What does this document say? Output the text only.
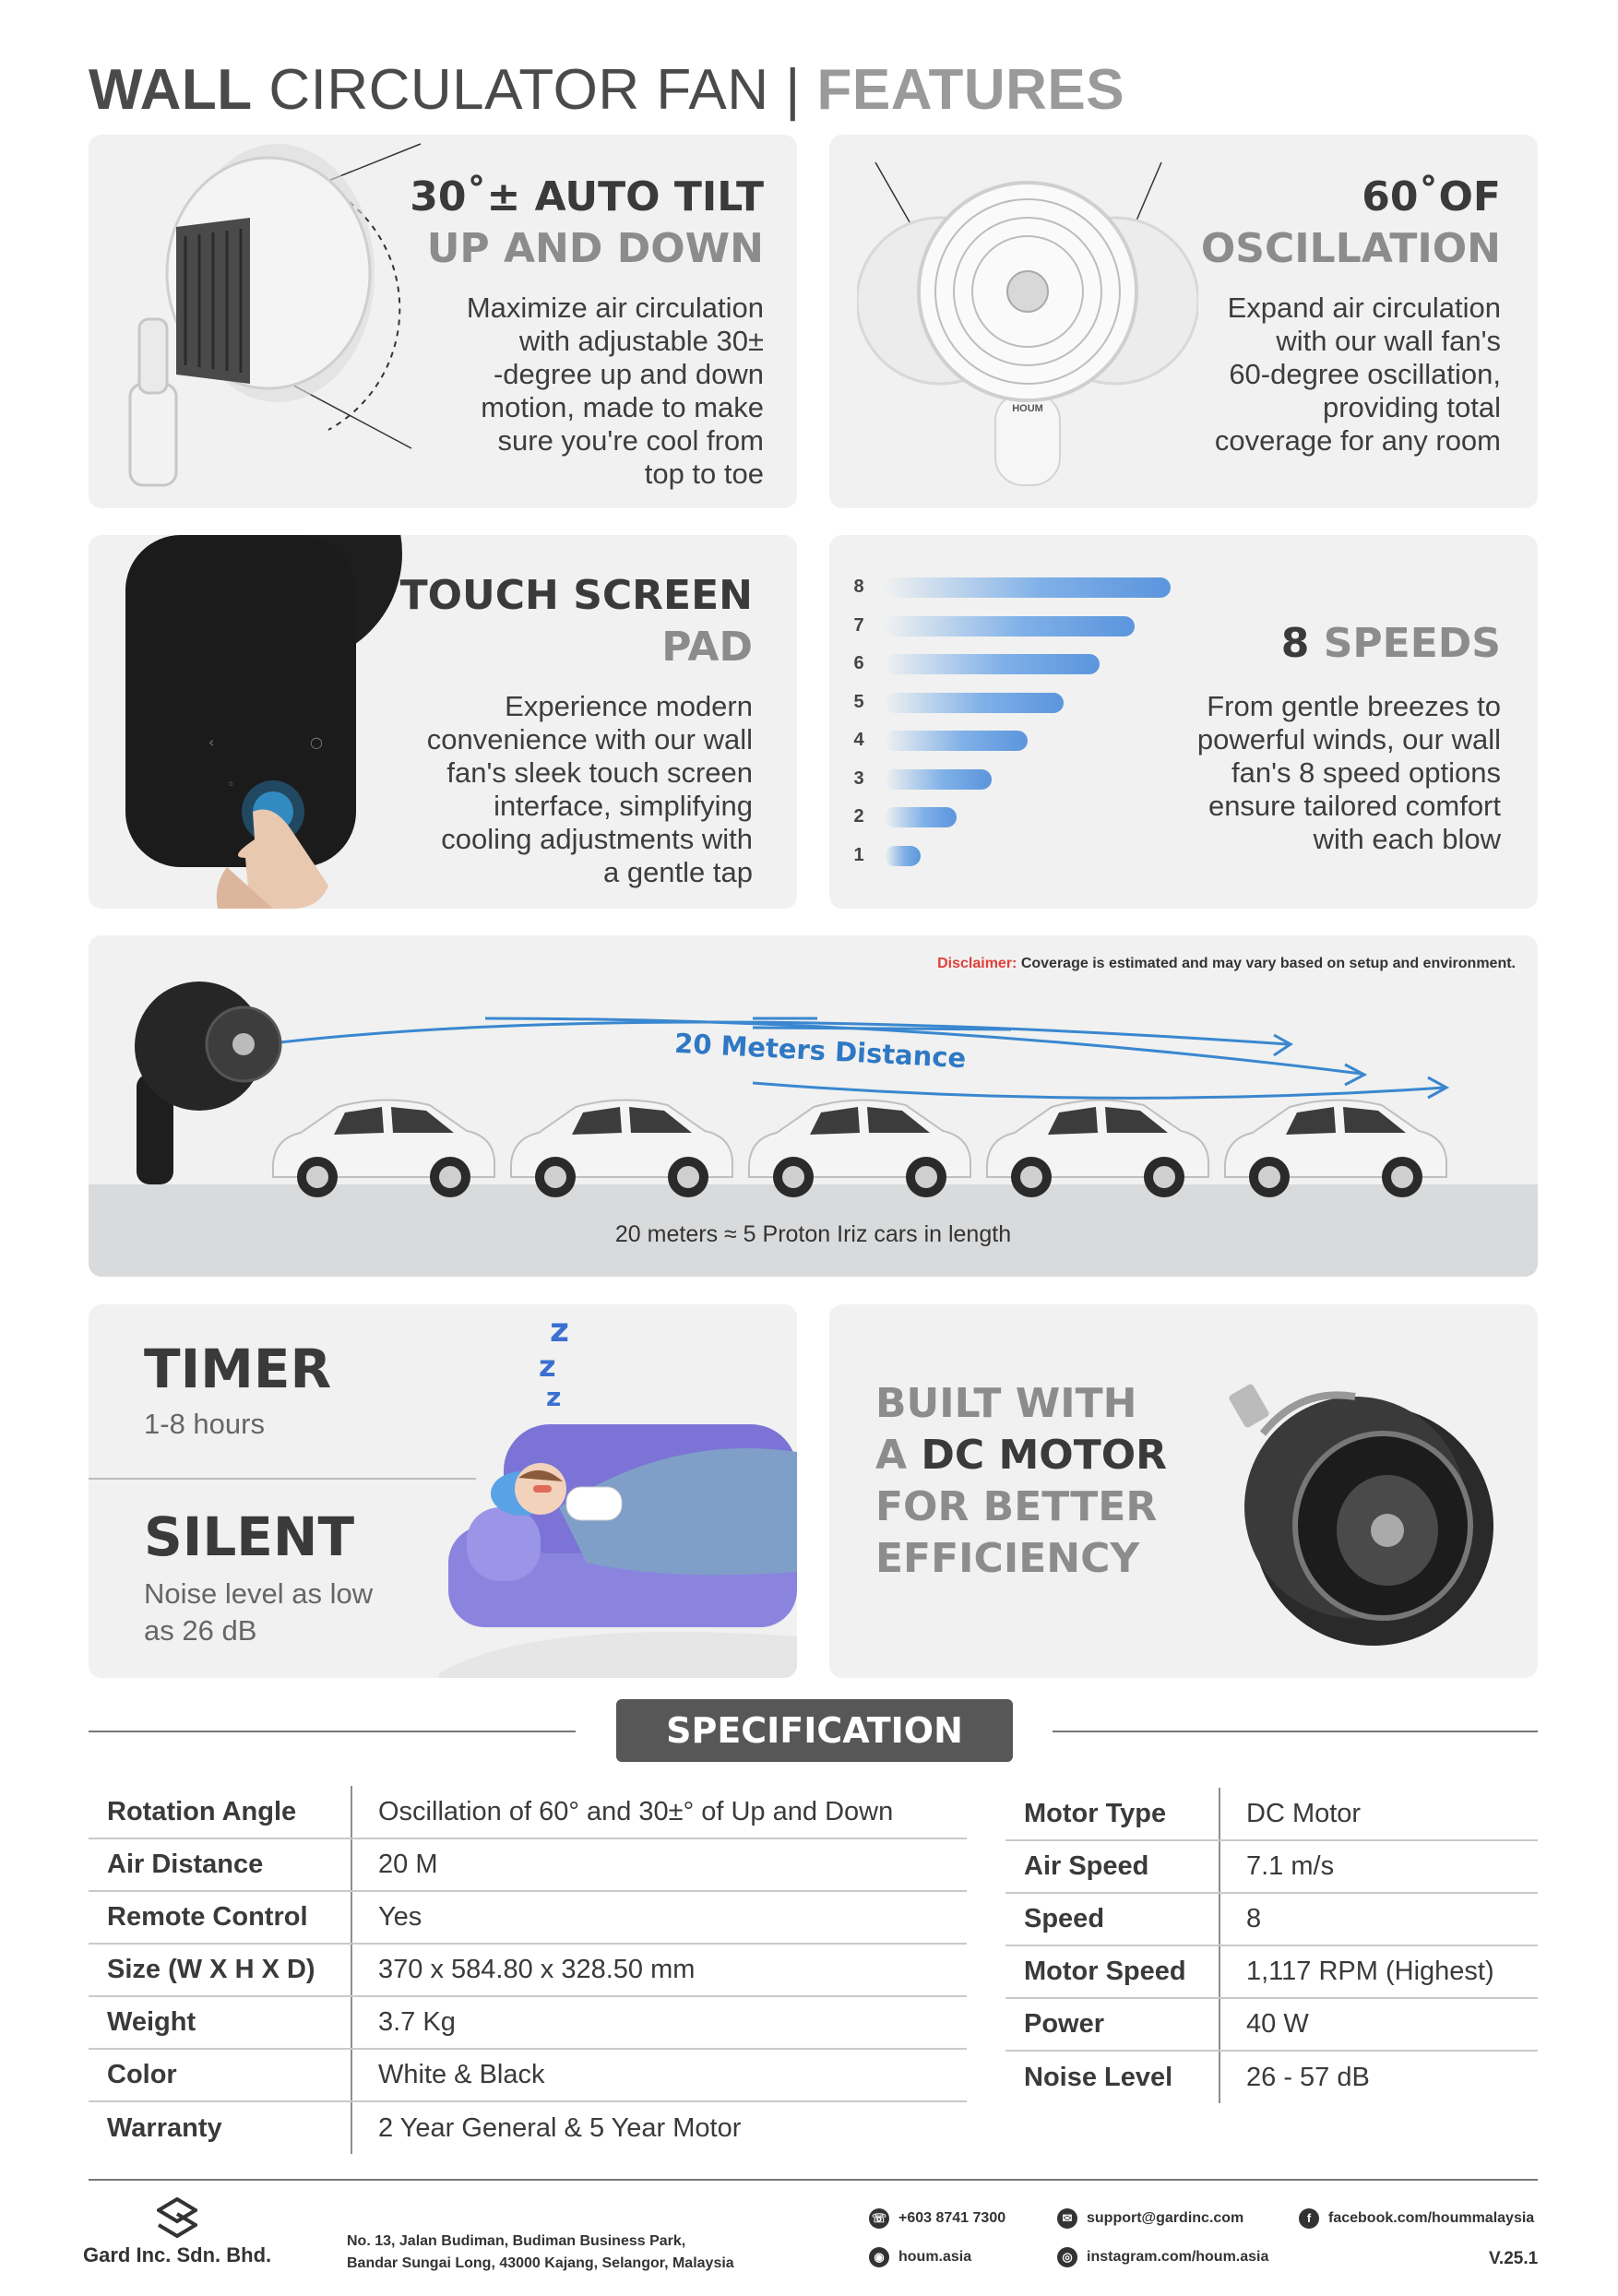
WALL CIRCULATOR FAN | FEATURES
30˚± AUTO TILT
UP AND DOWN
Maximize air circulation
with adjustable 30±
-degree up and down
motion, made to make
sure you're cool from
top to toe
HOUM
60˚OF
OSCILLATION
Expand air circulation
with our wall fan's
60-degree oscillation,
providing total
coverage for any room
‹	○
◦
TOUCH SCREEN
PAD
Experience modern
convenience with our wall
fan's sleek touch screen
interface, simplifying
cooling adjustments with
a gentle tap
8
7
6
5
4
3
2
1
8 SPEEDS
From gentle breezes to
powerful winds, our wall
fan's 8 speed options
ensure tailored comfort
with each blow
Disclaimer: Coverage is estimated and may vary based on setup and environment.
20 Meters Distance
20 meters ≈ 5 Proton Iriz cars in length
TIMER
1-8 hours
SILENT
Noise level as low
as 26 dB
z
z
z	BUILT WITH
A DC MOTOR
FOR BETTER
EFFICIENCY
SPECIFICATION
Rotation Angle	Oscillation of 60° and 30±° of Up and Down
Air Distance	20 M
Remote Control	Yes
Size (W X H X D)	370 x 584.80 x 328.50 mm
Weight	3.7 Kg
Color	White & Black
Warranty	2 Year General & 5 Year Motor
Motor Type	DC Motor
Air Speed	7.1 m/s
Speed	8
Motor Speed	1,117 RPM (Highest)
Power	40 W
Noise Level	26 - 57 dB
Gard Inc. Sdn. Bhd.
No. 13, Jalan Budiman, Budiman Business Park,
Bandar Sungai Long, 43000 Kajang, Selangor, Malaysia
☏ +603 8741 7300	✉ support@gardinc.com	f facebook.com/hoummalaysia
◉ houm.asia	◎ instagram.com/houm.asia	V.25.1
